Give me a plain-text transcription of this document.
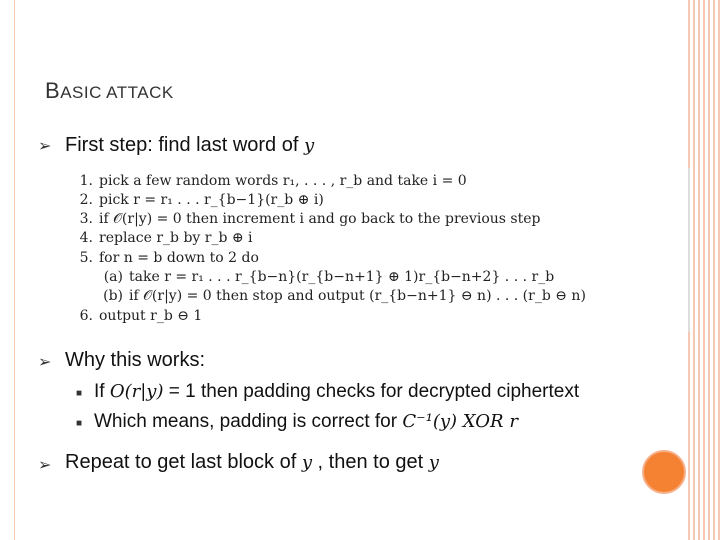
BASIC ATTACK
➢ First step: find last word of y
1. pick a few random words r₁, . . . , r_b and take i = 0
2. pick r = r₁ . . . r_{b−1}(r_b ⊕ i)
3. if 𝒪(r|y) = 0 then increment i and go back to the previous step
4. replace r_b by r_b ⊕ i
5. for n = b down to 2 do
(a) take r = r₁ . . . r_{b−n}(r_{b−n+1} ⊕ 1)r_{b−n+2} . . . r_b
(b) if 𝒪(r|y) = 0 then stop and output (r_{b−n+1} ⊖ n) . . . (r_b ⊖ n)
6. output r_b ⊖ 1
➢ Why this works:
■ If O(r|y) = 1 then padding checks for decrypted ciphertext
■ Which means, padding is correct for C⁻¹(y) XOR r
➢ Repeat to get last block of y , then to get y
